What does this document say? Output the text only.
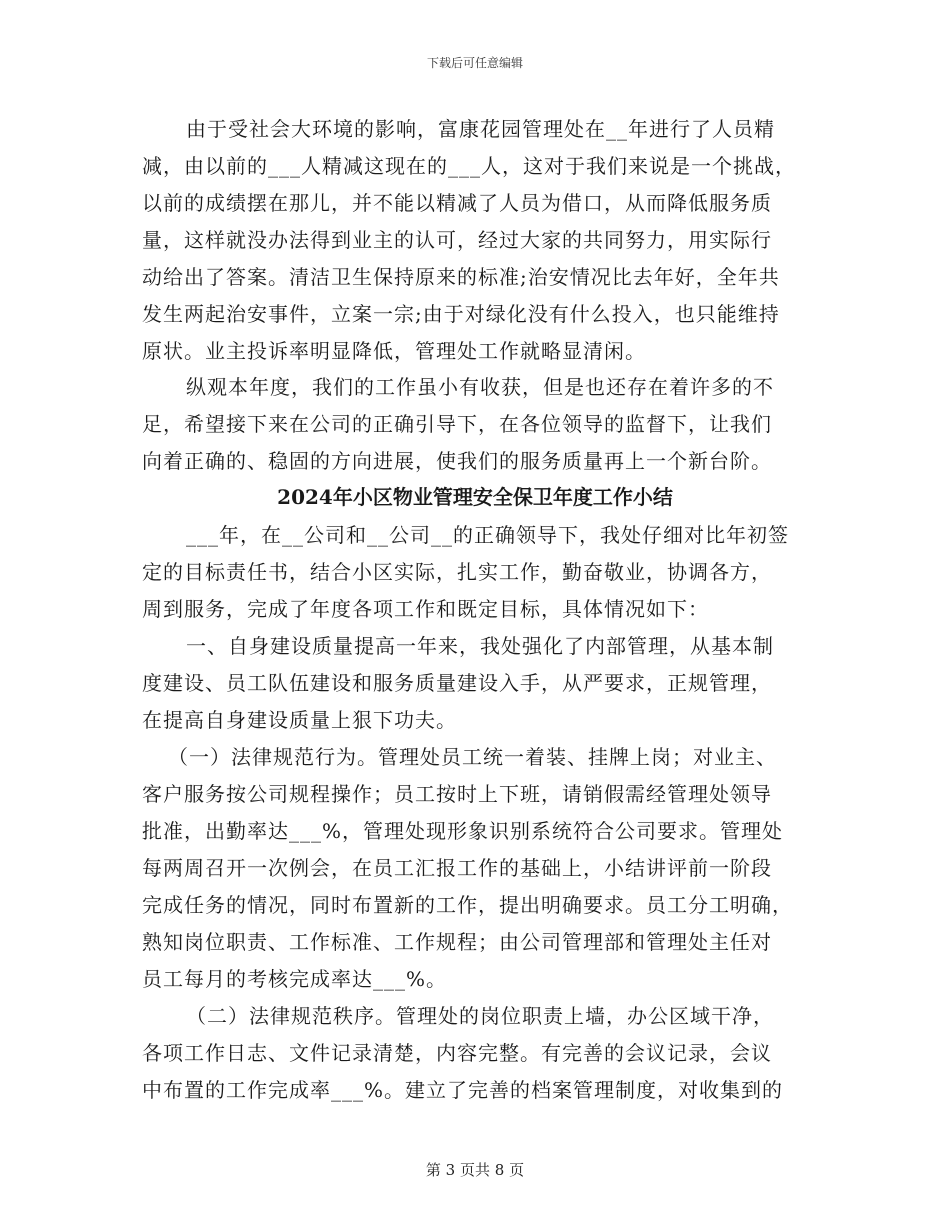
下载后可任意编辑
由于受社会大环境的影响，富康花园管理处在__年进行了人员精
减，由以前的___人精减这现在的___人，这对于我们来说是一个挑战，
以前的成绩摆在那儿，并不能以精减了人员为借口，从而降低服务质
量，这样就没办法得到业主的认可，经过大家的共同努力，用实际行
动给出了答案。清洁卫生保持原来的标准;治安情况比去年好，全年共
发生两起治安事件，立案一宗;由于对绿化没有什么投入，也只能维持
原状。业主投诉率明显降低，管理处工作就略显清闲。
纵观本年度，我们的工作虽小有收获，但是也还存在着许多的不
足，希望接下来在公司的正确引导下，在各位领导的监督下，让我们
向着正确的、稳固的方向进展，使我们的服务质量再上一个新台阶。
2024年小区物业管理安全保卫年度工作小结
___年，在__公司和__公司__的正确领导下，我处仔细对比年初签
定的目标责任书，结合小区实际，扎实工作，勤奋敬业，协调各方，
周到服务，完成了年度各项工作和既定目标，具体情况如下：
一、自身建设质量提高一年来，我处强化了内部管理，从基本制
度建设、员工队伍建设和服务质量建设入手，从严要求，正规管理，
在提高自身建设质量上狠下功夫。
（一）法律规范行为。管理处员工统一着装、挂牌上岗；对业主、
客户服务按公司规程操作；员工按时上下班，请销假需经管理处领导
批准，出勤率达___%，管理处现形象识别系统符合公司要求。管理处
每两周召开一次例会，在员工汇报工作的基础上，小结讲评前一阶段
完成任务的情况，同时布置新的工作，提出明确要求。员工分工明确，
熟知岗位职责、工作标准、工作规程；由公司管理部和管理处主任对
员工每月的考核完成率达___%。
（二）法律规范秩序。管理处的岗位职责上墙，办公区域干净，
各项工作日志、文件记录清楚，内容完整。有完善的会议记录，会议
中布置的工作完成率___%。建立了完善的档案管理制度，对收集到的
第 3 页共 8 页
